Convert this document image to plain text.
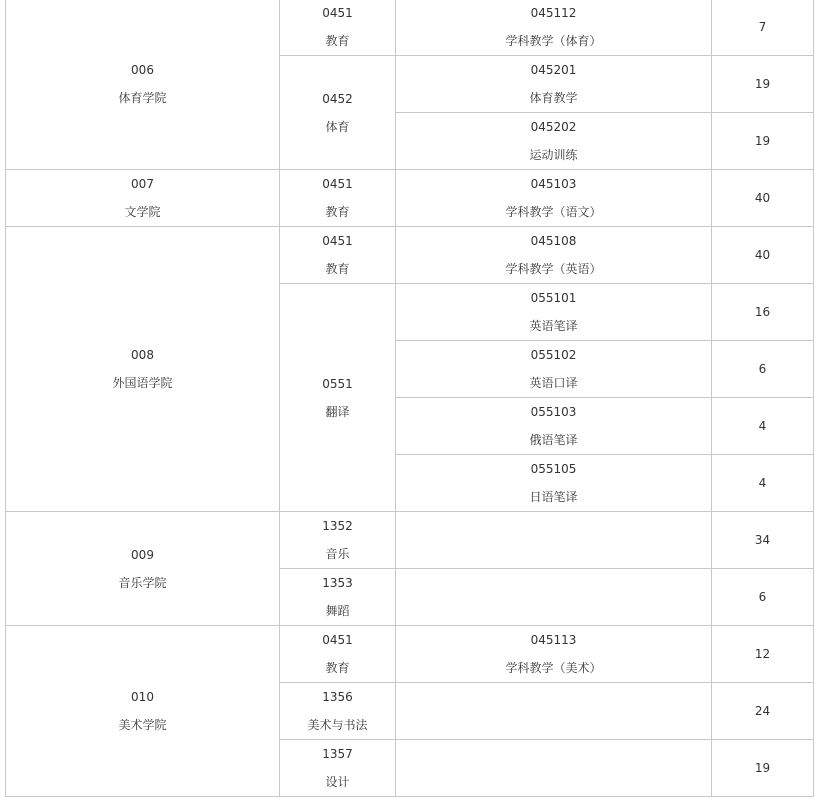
006
体育学院	0451
教育	045112
学科教学（体育）	7

	0452
体育	045201
体育教学	19

		045202
运动训练	19

007
文学院	0451
教育	045103
学科教学（语文）	40

008
外国语学院	0451
教育	045108
学科教学（英语）	40

	0551
翻译	055101
英语笔译	16

		055102
英语口译	6

		055103
俄语笔译	4

		055105
日语笔译	4

009
音乐学院	1352
音乐		34

	1353
舞蹈		6

010
美术学院	0451
教育	045113
学科教学（美术）	12

	1356
美术与书法		24

	1357
设计		19
